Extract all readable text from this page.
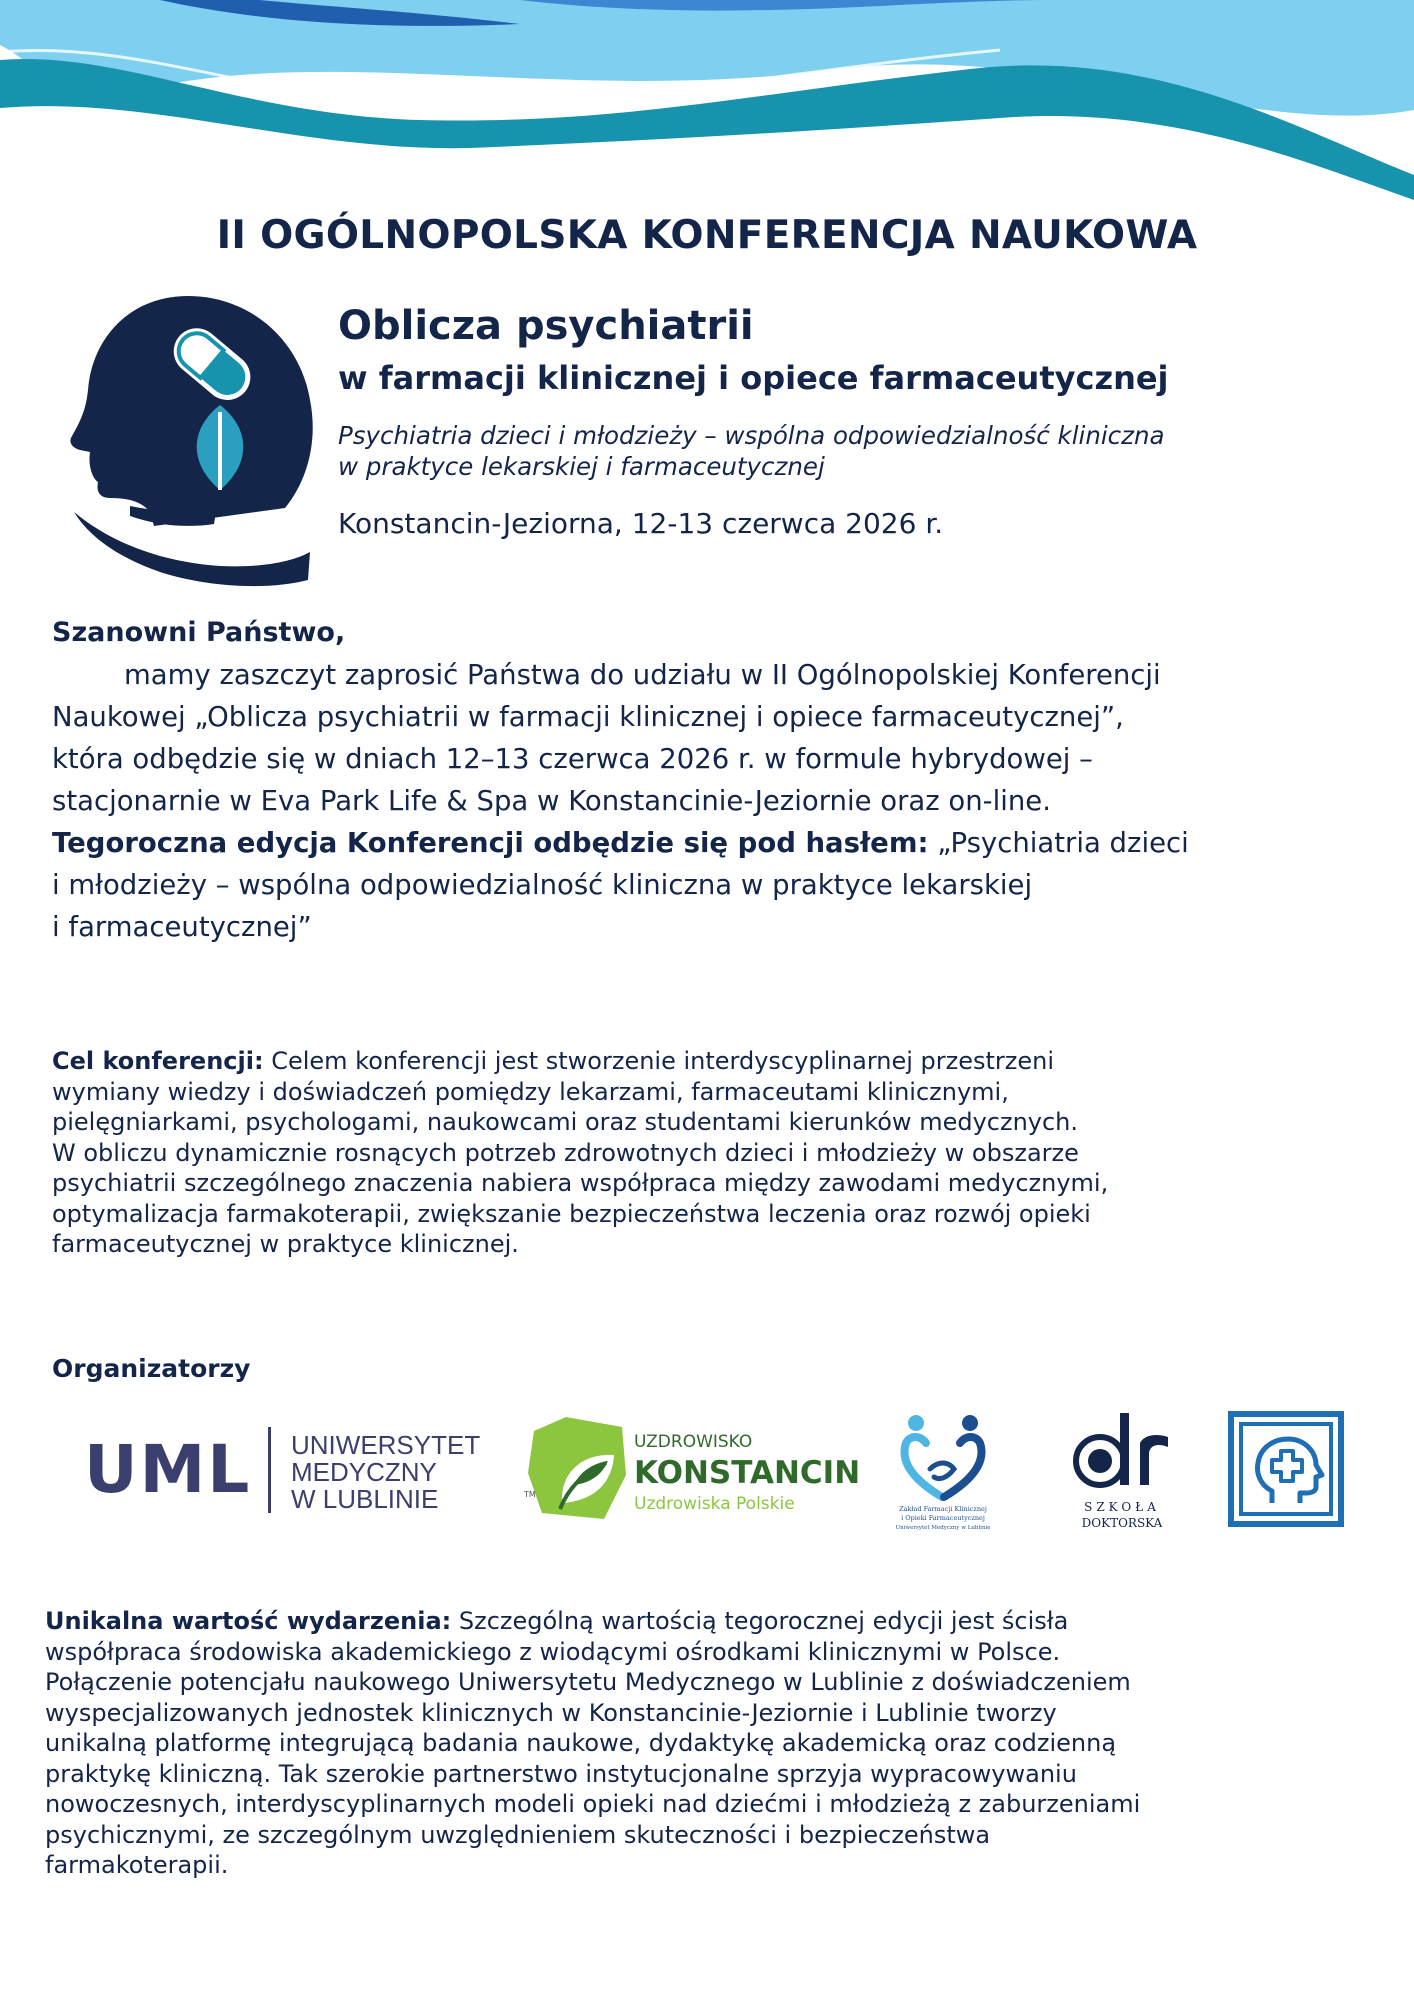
II OGÓLNOPOLSKA KONFERENCJA NAUKOWA
Oblicza psychiatrii
w farmacji klinicznej i opiece farmaceutycznej

Psychiatria dzieci i młodzieży – wspólna odpowiedzialność kliniczna
w praktyce lekarskiej i farmaceutycznej

Konstancin-Jeziorna, 12-13 czerwca 2026 r.

Szanowni Państwo,

mamy zaszczyt zaprosić Państwa do udziału w II Ogólnopolskiej Konferencji

Naukowej „Oblicza psychiatrii w farmacji klinicznej i opiece farmaceutycznej”,

która odbędzie się w dniach 12–13 czerwca 2026 r. w formule hybrydowej –

stacjonarnie w Eva Park Life & Spa w Konstancinie-Jeziornie oraz on-line.

Tegoroczna edycja Konferencji odbędzie się pod hasłem: „Psychiatria dzieci

i młodzieży – wspólna odpowiedzialność kliniczna w praktyce lekarskiej

i farmaceutycznej”

Cel konferencji: Celem konferencji jest stworzenie interdyscyplinarnej przestrzeni
wymiany wiedzy i doświadczeń pomiędzy lekarzami, farmaceutami klinicznymi,
pielęgniarkami, psychologami, naukowcami oraz studentami kierunków medycznych.
W obliczu dynamicznie rosnących potrzeb zdrowotnych dzieci i młodzieży w obszarze
psychiatrii szczególnego znaczenia nabiera współpraca między zawodami medycznymi,
optymalizacja farmakoterapii, zwiększanie bezpieczeństwa leczenia oraz rozwój opieki
farmaceutycznej w praktyce klinicznej.

Organizatorzy
UML UNIWERSYTET
MEDYCZNY
W LUBLINIE	TM
UZDROWISKO
KONSTANCIN
Uzdrowiska Polskie	Zakład Farmacji Klinicznej
i Opieki Farmaceutycznej
Uniwersytet Medyczny w Lublinie
SZKOŁA
DOKTORSKA

Unikalna wartość wydarzenia: Szczególną wartością tegorocznej edycji jest ścisła
współpraca środowiska akademickiego z wiodącymi ośrodkami klinicznymi w Polsce.
Połączenie potencjału naukowego Uniwersytetu Medycznego w Lublinie z doświadczeniem
wyspecjalizowanych jednostek klinicznych w Konstancinie-Jeziornie i Lublinie tworzy
unikalną platformę integrującą badania naukowe, dydaktykę akademicką oraz codzienną
praktykę kliniczną. Tak szerokie partnerstwo instytucjonalne sprzyja wypracowywaniu
nowoczesnych, interdyscyplinarnych modeli opieki nad dziećmi i młodzieżą z zaburzeniami
psychicznymi, ze szczególnym uwzględnieniem skuteczności i bezpieczeństwa
farmakoterapii.
